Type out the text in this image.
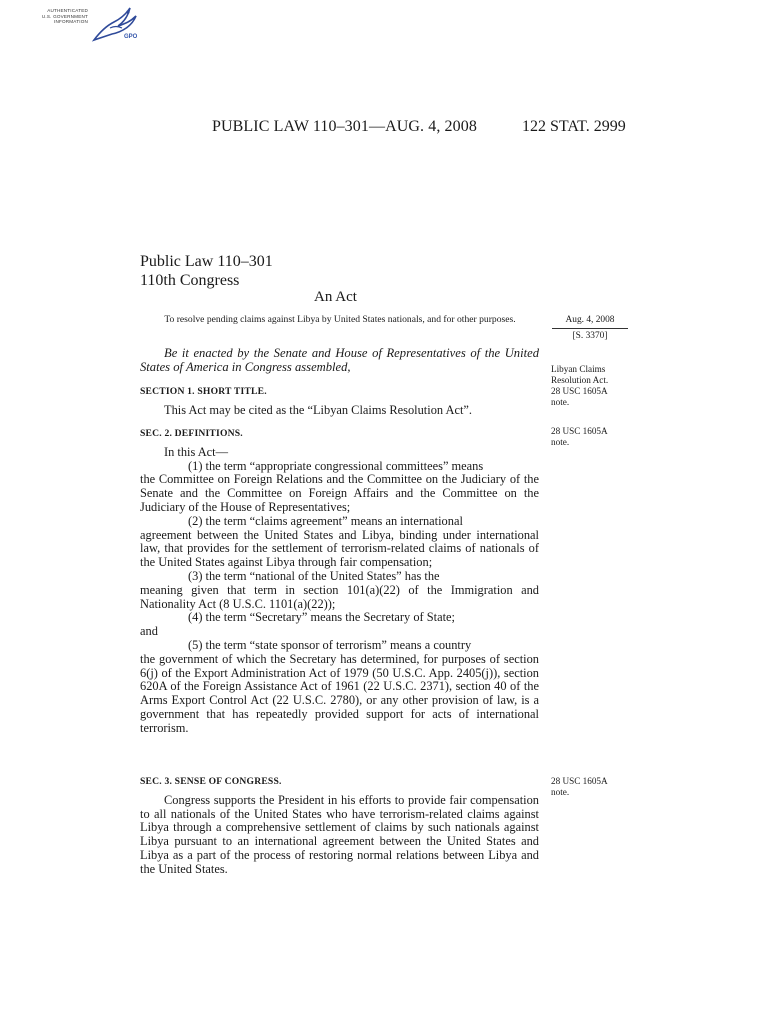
AUTHENTICATED
U.S. GOVERNMENT
INFORMATION
GPO
PUBLIC LAW 110–301—AUG. 4, 2008	122 STAT. 2999
Public Law 110–301
110th Congress
An Act
To resolve pending claims against Libya by United States nationals, and for other purposes.	Aug. 4, 2008
[S. 3370]

Be it enacted by the Senate and House of Representatives of the United States of America in Congress assembled,

SECTION 1. SHORT TITLE.

This Act may be cited as the “Libyan Claims Resolution Act”.

Libyan Claims
Resolution Act.
28 USC 1605A
note.
SEC. 2. DEFINITIONS.

In this Act—

(1) the term “appropriate congressional committees” means
the Committee on Foreign Relations and the Committee on the Judiciary of the Senate and the Committee on Foreign Affairs and the Committee on the Judiciary of the House of Representatives;

(2) the term “claims agreement” means an international
agreement between the United States and Libya, binding under international law, that provides for the settlement of terrorism-related claims of nationals of the United States against Libya through fair compensation;

(3) the term “national of the United States” has the
meaning given that term in section 101(a)(22) of the Immigration and Nationality Act (8 U.S.C. 1101(a)(22));

(4) the term “Secretary” means the Secretary of State;
and

(5) the term “state sponsor of terrorism” means a country
the government of which the Secretary has determined, for purposes of section 6(j) of the Export Administration Act of 1979 (50 U.S.C. App. 2405(j)), section 620A of the Foreign Assistance Act of 1961 (22 U.S.C. 2371), section 40 of the Arms Export Control Act (22 U.S.C. 2780), or any other provision of law, is a government that has repeatedly provided support for acts of international terrorism.

28 USC 1605A
note.
SEC. 3. SENSE OF CONGRESS.

Congress supports the President in his efforts to provide fair compensation to all nationals of the United States who have terrorism-related claims against Libya through a comprehensive settlement of claims by such nationals against Libya pursuant to an international agreement between the United States and Libya as a part of the process of restoring normal relations between Libya and the United States.

28 USC 1605A
note.
